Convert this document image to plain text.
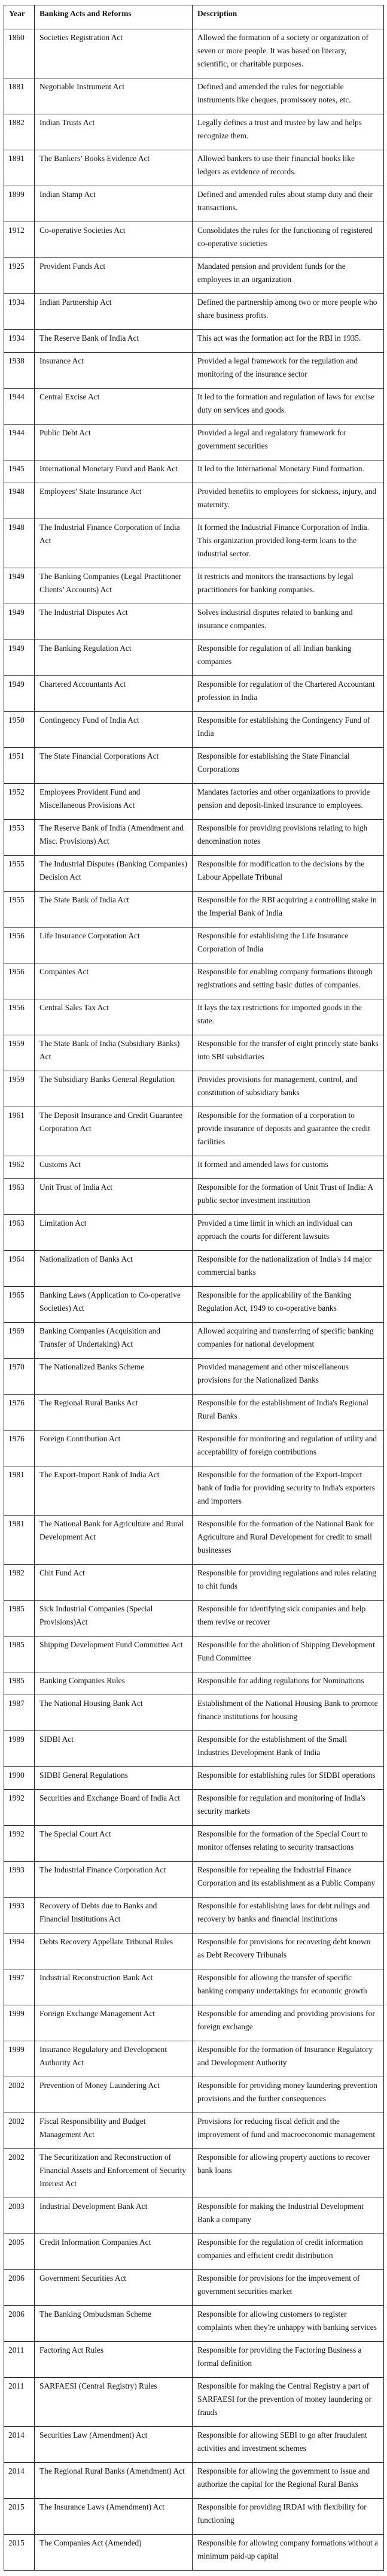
Year	Banking Acts and Reforms	Description
1860	Societies Registration Act	Allowed the formation of a society or organization of seven or more people. It was based on literary, scientific, or charitable purposes.
1881	Negotiable Instrument Act	Defined and amended the rules for negotiable instruments like cheques, promissory notes, etc.
1882	Indian Trusts Act	Legally defines a trust and trustee by law and helps recognize them.
1891	The Bankers’ Books Evidence Act	Allowed bankers to use their financial books like ledgers as evidence of records.
1899	Indian Stamp Act	Defined and amended rules about stamp duty and their transactions.
1912	Co-operative Societies Act	Consolidates the rules for the functioning of registered co-operative societies
1925	Provident Funds Act	Mandated pension and provident funds for the employees in an organization
1934	Indian Partnership Act	Defined the partnership among two or more people who share business profits.
1934	The Reserve Bank of India Act	This act was the formation act for the RBI in 1935.
1938	Insurance Act	Provided a legal framework for the regulation and monitoring of the insurance sector
1944	Central Excise Act	It led to the formation and regulation of laws for excise duty on services and goods.
1944	Public Debt Act	Provided a legal and regulatory framework for government securities
1945	International Monetary Fund and Bank Act	It led to the International Monetary Fund formation.
1948	Employees’ State Insurance Act	Provided benefits to employees for sickness, injury, and maternity.
1948	The Industrial Finance Corporation of India Act	It formed the Industrial Finance Corporation of India. This organization provided long-term loans to the industrial sector.
1949	The Banking Companies (Legal Practitioner Clients’ Accounts) Act	It restricts and monitors the transactions by legal practitioners for banking companies.
1949	The Industrial Disputes Act	Solves industrial disputes related to banking and insurance companies.
1949	The Banking Regulation Act	Responsible for regulation of all Indian banking companies
1949	Chartered Accountants Act	Responsible for regulation of the Chartered Accountant profession in India
1950	Contingency Fund of India Act	Responsible for establishing the Contingency Fund of India
1951	The State Financial Corporations Act	Responsible for establishing the State Financial Corporations
1952	Employees Provident Fund and Miscellaneous Provisions Act	Mandates factories and other organizations to provide pension and deposit-linked insurance to employees.
1953	The Reserve Bank of India (Amendment and Misc. Provisions) Act	Responsible for providing provisions relating to high denomination notes
1955	The Industrial Disputes (Banking Companies) Decision Act	Responsible for modification to the decisions by the Labour Appellate Tribunal
1955	The State Bank of India Act	Responsible for the RBI acquiring a controlling stake in the Imperial Bank of India
1956	Life Insurance Corporation Act	Responsible for establishing the Life Insurance Corporation of India
1956	Companies Act	Responsible for enabling company formations through registrations and setting basic duties of companies.
1956	Central Sales Tax Act	It lays the tax restrictions for imported goods in the state.
1959	The State Bank of India (Subsidiary Banks) Act	Responsible for the transfer of eight princely state banks into SBI subsidiaries
1959	The Subsidiary Banks General Regulation	Provides provisions for management, control, and constitution of subsidiary banks
1961	The Deposit Insurance and Credit Guarantee Corporation Act	Responsible for the formation of a corporation to provide insurance of deposits and guarantee the credit facilities
1962	Customs Act	It formed and amended laws for customs
1963	Unit Trust of India Act	Responsible for the formation of Unit Trust of India: A public sector investment institution
1963	Limitation Act	Provided a time limit in which an individual can approach the courts for different lawsuits
1964	Nationalization of Banks Act	Responsible for the nationalization of India's 14 major commercial banks
1965	Banking Laws (Application to Co-operative Societies) Act	Responsible for the applicability of the Banking Regulation Act, 1949 to co-operative banks
1969	Banking Companies (Acquisition and Transfer of Undertaking) Act	Allowed acquiring and transferring of specific banking companies for national development
1970	The Nationalized Banks Scheme	Provided management and other miscellaneous provisions for the Nationalized Banks
1976	The Regional Rural Banks Act	Responsible for the establishment of India's Regional Rural Banks
1976	Foreign Contribution Act	Responsible for monitoring and regulation of utility and acceptability of foreign contributions
1981	The Export-Import Bank of India Act	Responsible for the formation of the Export-Import bank of India for providing security to India's exporters and importers
1981	The National Bank for Agriculture and Rural Development Act	Responsible for the formation of the National Bank for Agriculture and Rural Development for credit to small businesses
1982	Chit Fund Act	Responsible for providing regulations and rules relating to chit funds
1985	Sick Industrial Companies (Special Provisions)Act	Responsible for identifying sick companies and help them revive or recover
1985	Shipping Development Fund Committee Act	Responsible for the abolition of Shipping Development Fund Committee
1985	Banking Companies Rules	Responsible for adding regulations for Nominations
1987	The National Housing Bank Act	Establishment of the National Housing Bank to promote finance institutions for housing
1989	SIDBI Act	Responsible for the establishment of the Small Industries Development Bank of India
1990	SIDBI General Regulations	Responsible for establishing rules for SIDBI operations
1992	Securities and Exchange Board of India Act	Responsible for regulation and monitoring of India's security markets
1992	The Special Court Act	Responsible for the formation of the Special Court to monitor offenses relating to security transactions
1993	The Industrial Finance Corporation Act	Responsible for repealing the Industrial Finance Corporation and its establishment as a Public Company
1993	Recovery of Debts due to Banks and Financial Institutions Act	Responsible for establishing laws for debt rulings and recovery by banks and financial institutions
1994	Debts Recovery Appellate Tribunal Rules	Responsible for provisions for recovering debt known as Debt Recovery Tribunals
1997	Industrial Reconstruction Bank Act	Responsible for allowing the transfer of specific banking company undertakings for economic growth
1999	Foreign Exchange Management Act	Responsible for amending and providing provisions for foreign exchange
1999	Insurance Regulatory and Development Authority Act	Responsible for the formation of Insurance Regulatory and Development Authority
2002	Prevention of Money Laundering Act	Responsible for providing money laundering prevention provisions and the further consequences
2002	Fiscal Responsibility and Budget Management Act	Provisions for reducing fiscal deficit and the improvement of fund and macroeconomic management
2002	The Securitization and Reconstruction of Financial Assets and Enforcement of Security Interest Act	Responsible for allowing property auctions to recover bank loans
2003	Industrial Development Bank Act	Responsible for making the Industrial Development Bank a company
2005	Credit Information Companies Act	Responsible for the regulation of credit information companies and efficient credit distribution
2006	Government Securities Act	Responsible for provisions for the improvement of government securities market
2006	The Banking Ombudsman Scheme	Responsible for allowing customers to register complaints when they're unhappy with banking services
2011	Factoring Act Rules	Responsible for providing the Factoring Business a formal definition
2011	SARFAESI (Central Registry) Rules	Responsible for making the Central Registry a part of SARFAESI for the prevention of money laundering or frauds
2014	Securities Law (Amendment) Act	Responsible for allowing SEBI to go after fraudulent activities and investment schemes
2014	The Regional Rural Banks (Amendment) Act	Responsible for allowing the government to issue and authorize the capital for the Regional Rural Banks
2015	The Insurance Laws (Amendment) Act	Responsible for providing IRDAI with flexibility for functioning
2015	The Companies Act (Amended)	Responsible for allowing company formations without a minimum paid-up capital
